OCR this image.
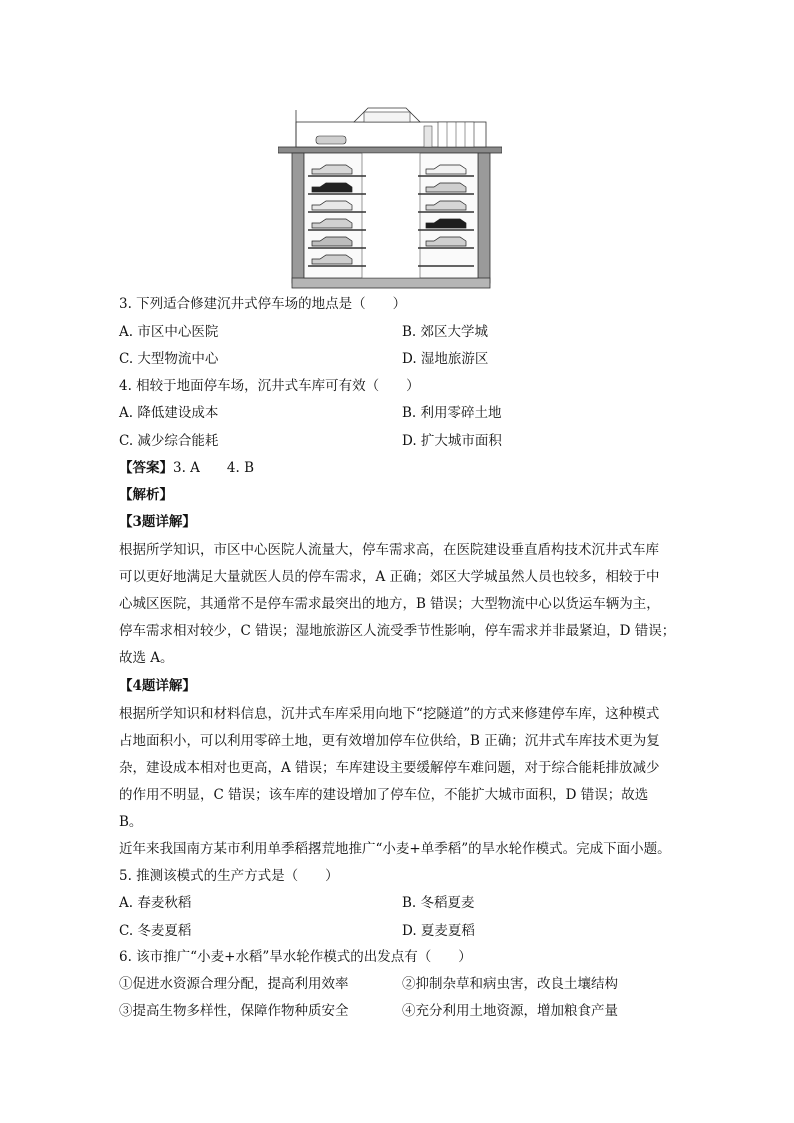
3. 下列适合修建沉井式停车场的地点是（　　）
A. 市区中心医院	B. 郊区大学城
C. 大型物流中心	D. 湿地旅游区
4. 相较于地面停车场，沉井式车库可有效（　　）
A. 降低建设成本	B. 利用零碎土地
C. 减少综合能耗	D. 扩大城市面积
【答案】3. A　　4. B
【解析】
【3题详解】
根据所学知识，市区中心医院人流量大，停车需求高，在医院建设垂直盾构技术沉井式车库
可以更好地满足大量就医人员的停车需求，A 正确；郊区大学城虽然人员也较多，相较于中
心城区医院，其通常不是停车需求最突出的地方，B 错误；大型物流中心以货运车辆为主，
停车需求相对较少，C 错误；湿地旅游区人流受季节性影响，停车需求并非最紧迫，D 错误；
故选 A。
【4题详解】
根据所学知识和材料信息，沉井式车库采用向地下“挖隧道”的方式来修建停车库，这种模式
占地面积小，可以利用零碎土地，更有效增加停车位供给，B 正确；沉井式车库技术更为复
杂，建设成本相对也更高，A 错误；车库建设主要缓解停车难问题，对于综合能耗排放减少
的作用不明显，C 错误；该车库的建设增加了停车位，不能扩大城市面积，D 错误；故选
B。
近年来我国南方某市利用单季稻撂荒地推广“小麦+单季稻”的旱水轮作模式。完成下面小题。
5. 推测该模式的生产方式是（　　）
A. 春麦秋稻	B. 冬稻夏麦
C. 冬麦夏稻	D. 夏麦夏稻
6. 该市推广“小麦+水稻”旱水轮作模式的出发点有（　　）
①促进水资源合理分配，提高利用效率	②抑制杂草和病虫害，改良土壤结构
③提高生物多样性，保障作物种质安全	④充分利用土地资源，增加粮食产量
